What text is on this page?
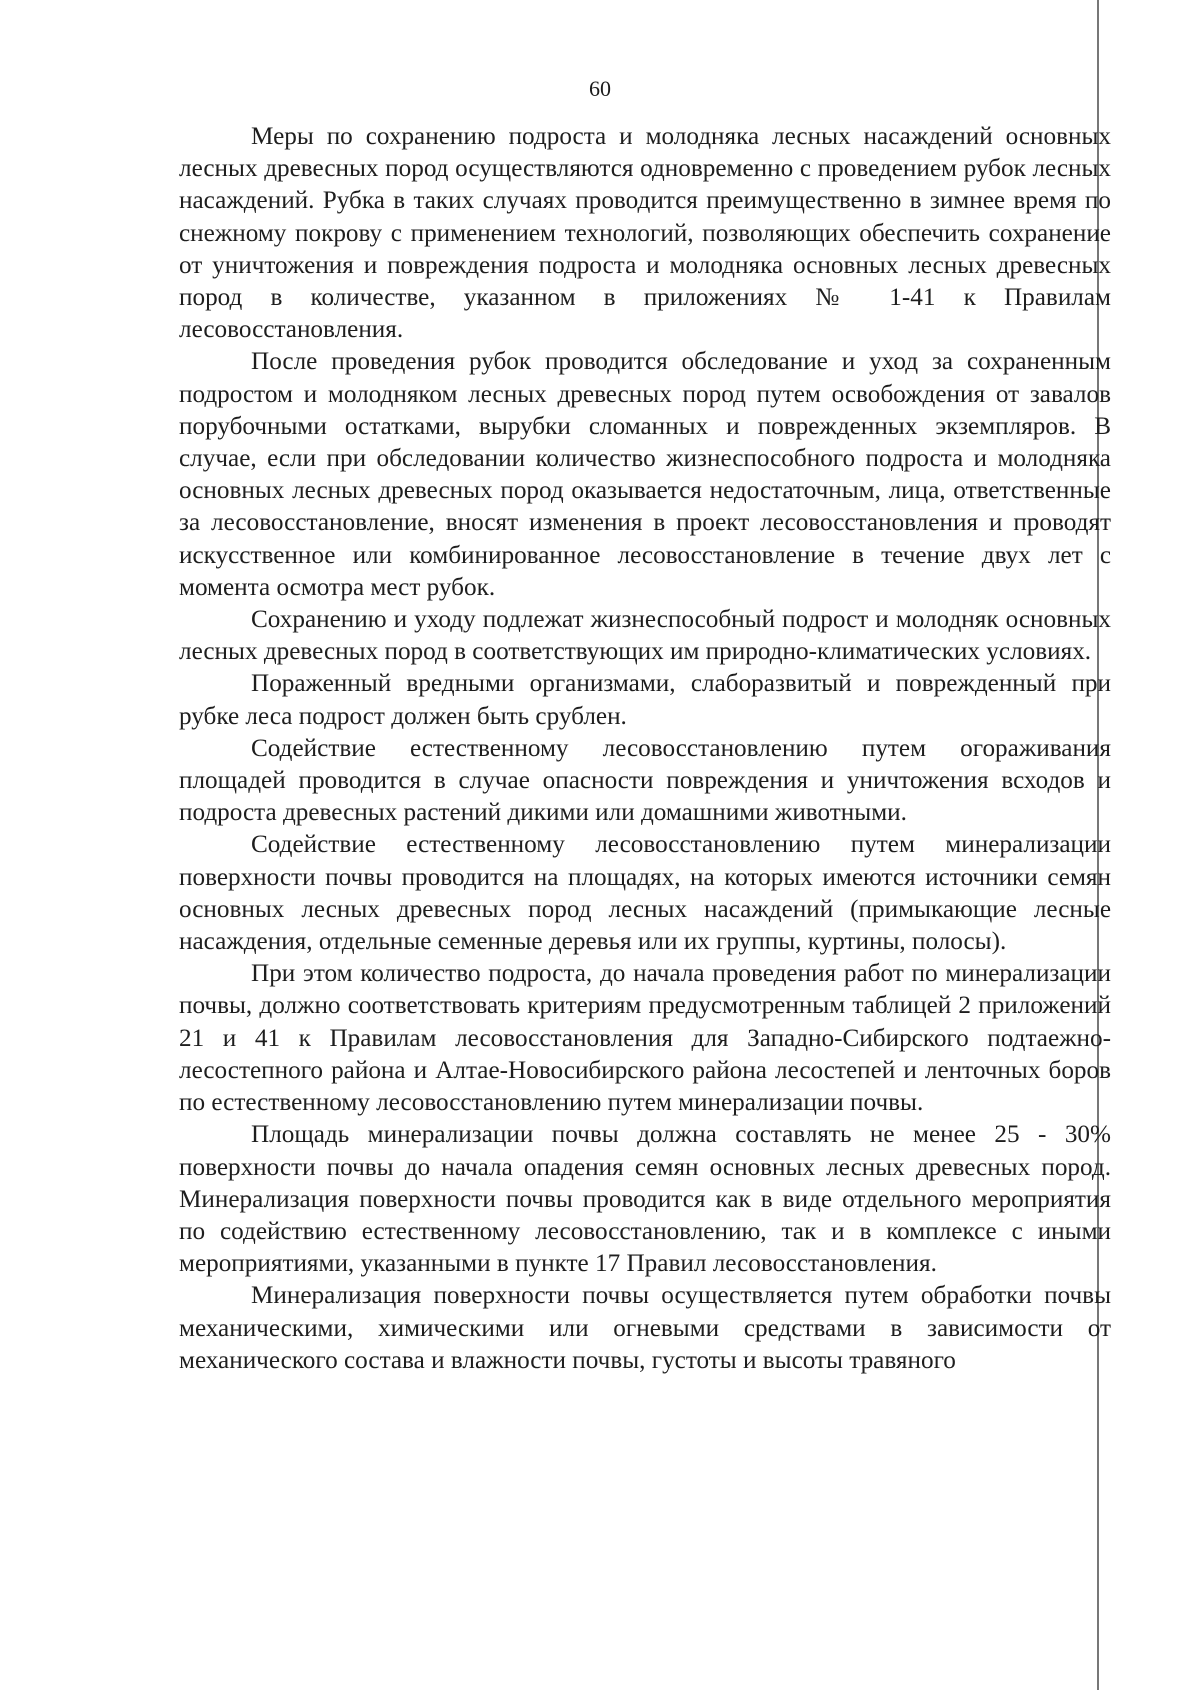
60

Меры по сохранению подроста и молодняка лесных насаждений основных лесных древесных пород осуществляются одновременно с проведением рубок лесных насаждений. Рубка в таких случаях проводится преимущественно в зимнее время по снежному покрову с применением технологий, позволяющих обеспечить сохранение от уничтожения и повреждения подроста и молодняка основных лесных древесных пород в количестве, указанном в приложениях № 1-41 к Правилам лесовосстановления.

После проведения рубок проводится обследование и уход за сохраненным подростом и молодняком лесных древесных пород путем освобождения от завалов порубочными остатками, вырубки сломанных и поврежденных экземпляров. В случае, если при обследовании количество жизнеспособного подроста и молодняка основных лесных древесных пород оказывается недостаточным, лица, ответственные за лесовосстановление, вносят изменения в проект лесовосстановления и проводят искусственное или комбинированное лесовосстановление в течение двух лет с момента осмотра мест рубок.

Сохранению и уходу подлежат жизнеспособный подрост и молодняк основных лесных древесных пород в соответствующих им природно-климатических условиях.

Пораженный вредными организмами, слаборазвитый и поврежденный при рубке леса подрост должен быть срублен.

Содействие естественному лесовосстановлению путем огораживания площадей проводится в случае опасности повреждения и уничтожения всходов и подроста древесных растений дикими или домашними животными.

Содействие естественному лесовосстановлению путем минерализации поверхности почвы проводится на площадях, на которых имеются источники семян основных лесных древесных пород лесных насаждений (примыкающие лесные насаждения, отдельные семенные деревья или их группы, куртины, полосы).

При этом количество подроста, до начала проведения работ по минерализации почвы, должно соответствовать критериям предусмотренным таблицей 2 приложений 21 и 41 к Правилам лесовосстановления для Западно-Сибирского подтаежно- лесостепного района и Алтае-Новосибирского района лесостепей и ленточных боров по естественному лесовосстановлению путем минерализации почвы.

Площадь минерализации почвы должна составлять не менее 25 - 30% поверхности почвы до начала опадения семян основных лесных древесных пород. Минерализация поверхности почвы проводится как в виде отдельного мероприятия по содействию естественному лесовосстановлению, так и в комплексе с иными мероприятиями, указанными в пункте 17 Правил лесовосстановления.

Минерализация поверхности почвы осуществляется путем обработки почвы механическими, химическими или огневыми средствами в зависимости от механического состава и влажности почвы, густоты и высоты травяного
